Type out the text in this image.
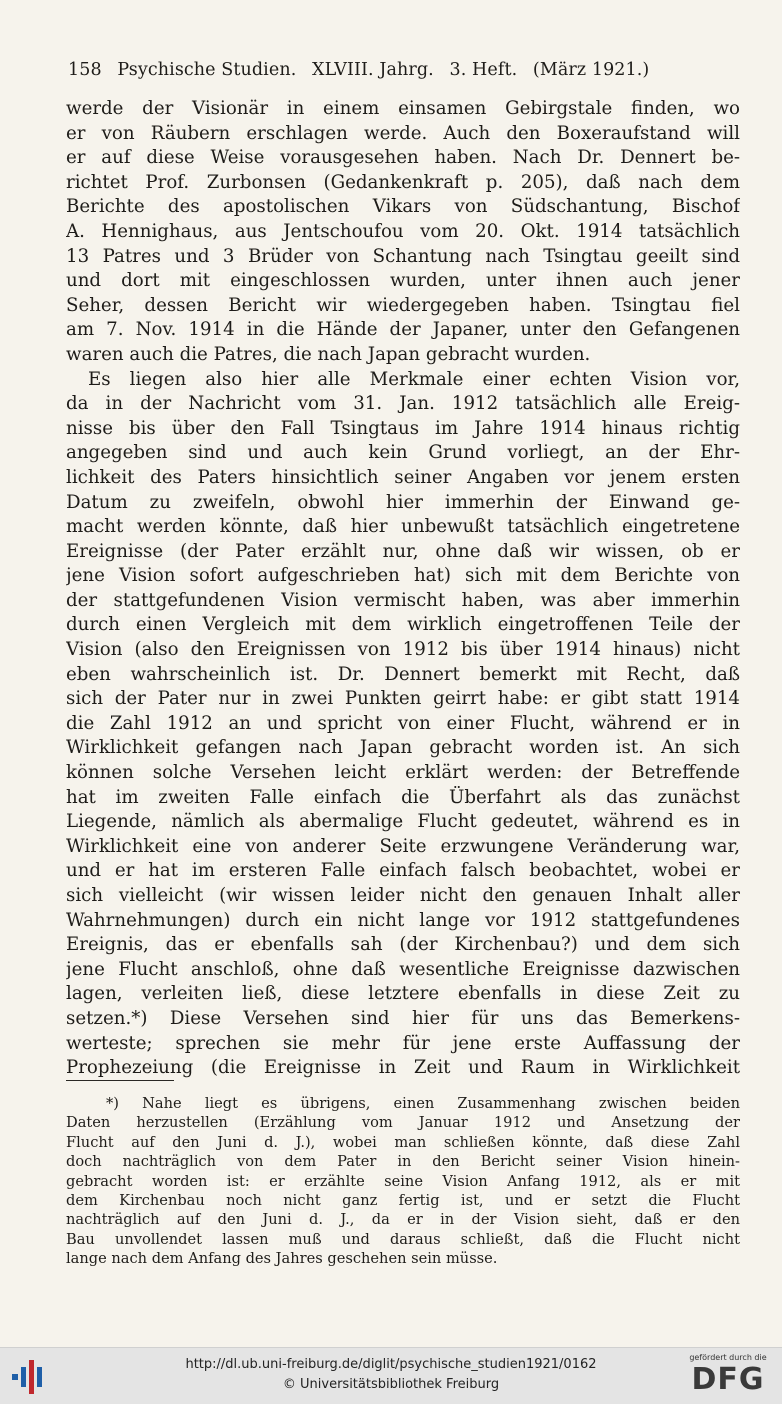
158 Psychische Studien. XLVIII. Jahrg. 3. Heft. (März 1921.)
werde der Visionär in einem einsamen Gebirgstale finden, wo
er von Räubern erschlagen werde. Auch den Boxeraufstand will
er auf diese Weise vorausgesehen haben. Nach Dr. Dennert be-
richtet Prof. Zurbonsen (Gedankenkraft p. 205), daß nach dem
Berichte des apostolischen Vikars von Südschantung, Bischof
A. Hennighaus, aus Jentschoufou vom 20. Okt. 1914 tatsächlich
13 Patres und 3 Brüder von Schantung nach Tsingtau geeilt sind
und dort mit eingeschlossen wurden, unter ihnen auch jener
Seher, dessen Bericht wir wiedergegeben haben. Tsingtau fiel
am 7. Nov. 1914 in die Hände der Japaner, unter den Gefangenen
waren auch die Patres, die nach Japan gebracht wurden.
Es liegen also hier alle Merkmale einer echten Vision vor,
da in der Nachricht vom 31. Jan. 1912 tatsächlich alle Ereig-
nisse bis über den Fall Tsingtaus im Jahre 1914 hinaus richtig
angegeben sind und auch kein Grund vorliegt, an der Ehr-
lichkeit des Paters hinsichtlich seiner Angaben vor jenem ersten
Datum zu zweifeln, obwohl hier immerhin der Einwand ge-
macht werden könnte, daß hier unbewußt tatsächlich eingetretene
Ereignisse (der Pater erzählt nur, ohne daß wir wissen, ob er
jene Vision sofort aufgeschrieben hat) sich mit dem Berichte von
der stattgefundenen Vision vermischt haben, was aber immerhin
durch einen Vergleich mit dem wirklich eingetroffenen Teile der
Vision (also den Ereignissen von 1912 bis über 1914 hinaus) nicht
eben wahrscheinlich ist. Dr. Dennert bemerkt mit Recht, daß
sich der Pater nur in zwei Punkten geirrt habe: er gibt statt 1914
die Zahl 1912 an und spricht von einer Flucht, während er in
Wirklichkeit gefangen nach Japan gebracht worden ist. An sich
können solche Versehen leicht erklärt werden: der Betreffende
hat im zweiten Falle einfach die Überfahrt als das zunächst
Liegende, nämlich als abermalige Flucht gedeutet, während es in
Wirklichkeit eine von anderer Seite erzwungene Veränderung war,
und er hat im ersteren Falle einfach falsch beobachtet, wobei er
sich vielleicht (wir wissen leider nicht den genauen Inhalt aller
Wahrnehmungen) durch ein nicht lange vor 1912 stattgefundenes
Ereignis, das er ebenfalls sah (der Kirchenbau?) und dem sich
jene Flucht anschloß, ohne daß wesentliche Ereignisse dazwischen
lagen, verleiten ließ, diese letztere ebenfalls in diese Zeit zu
setzen.*) Diese Versehen sind hier für uns das Bemerkens-
werteste; sprechen sie mehr für jene erste Auffassung der
Prophezeiung (die Ereignisse in Zeit und Raum in Wirklichkeit
*) Nahe liegt es übrigens, einen Zusammenhang zwischen beiden
Daten herzustellen (Erzählung vom Januar 1912 und Ansetzung der
Flucht auf den Juni d. J.), wobei man schließen könnte, daß diese Zahl
doch nachträglich von dem Pater in den Bericht seiner Vision hinein-
gebracht worden ist: er erzählte seine Vision Anfang 1912, als er mit
dem Kirchenbau noch nicht ganz fertig ist, und er setzt die Flucht
nachträglich auf den Juni d. J., da er in der Vision sieht, daß er den
Bau unvollendet lassen muß und daraus schließt, daß die Flucht nicht
lange nach dem Anfang des Jahres geschehen sein müsse.
http://dl.ub.uni-freiburg.de/diglit/psychische_studien1921/0162
© Universitätsbibliothek Freiburg
gefördert durch die
DFG
